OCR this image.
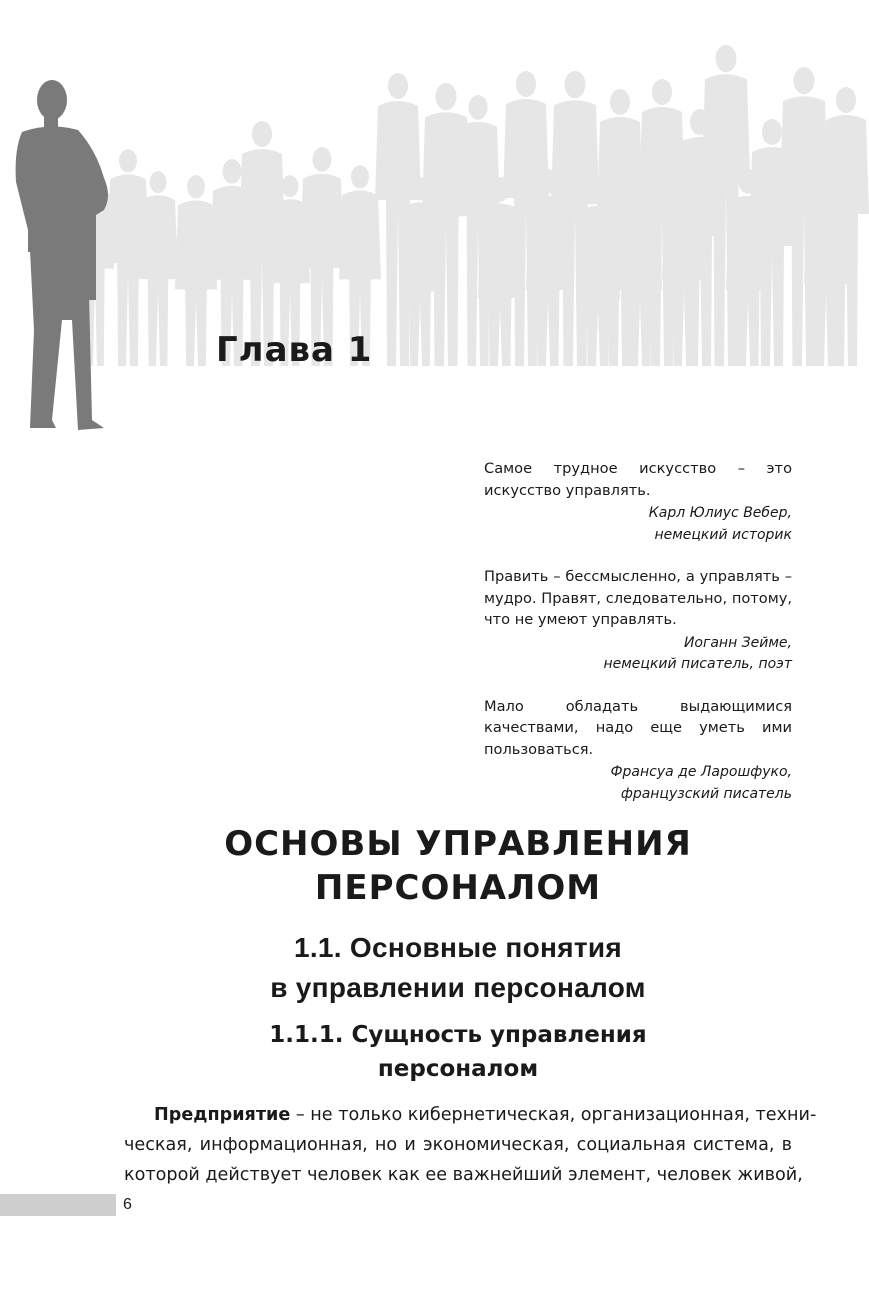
Глава 1

Самое трудное искусство – это искусство управлять.

Карл Юлиус Вебер,
немецкий историк

Править – бессмысленно, а управлять – мудро. Правят, следовательно, потому, что не умеют управлять.

Иоганн Зейме,
немецкий писатель, поэт

Мало обладать выдающимися качествами, надо еще уметь ими пользоваться.

Франсуа де Ларошфуко,
французский писатель

ОСНОВЫ УПРАВЛЕНИЯ
ПЕРСОНАЛОМ
1.1. Основные понятия
в управлении персоналом
1.1.1. Сущность управления
персоналом

Предприятие – не только кибернетическая, организационная, техни-
ческая, информационная, но и экономическая, социальная система, в
которой действует человек как ее важнейший элемент, человек живой,

6
